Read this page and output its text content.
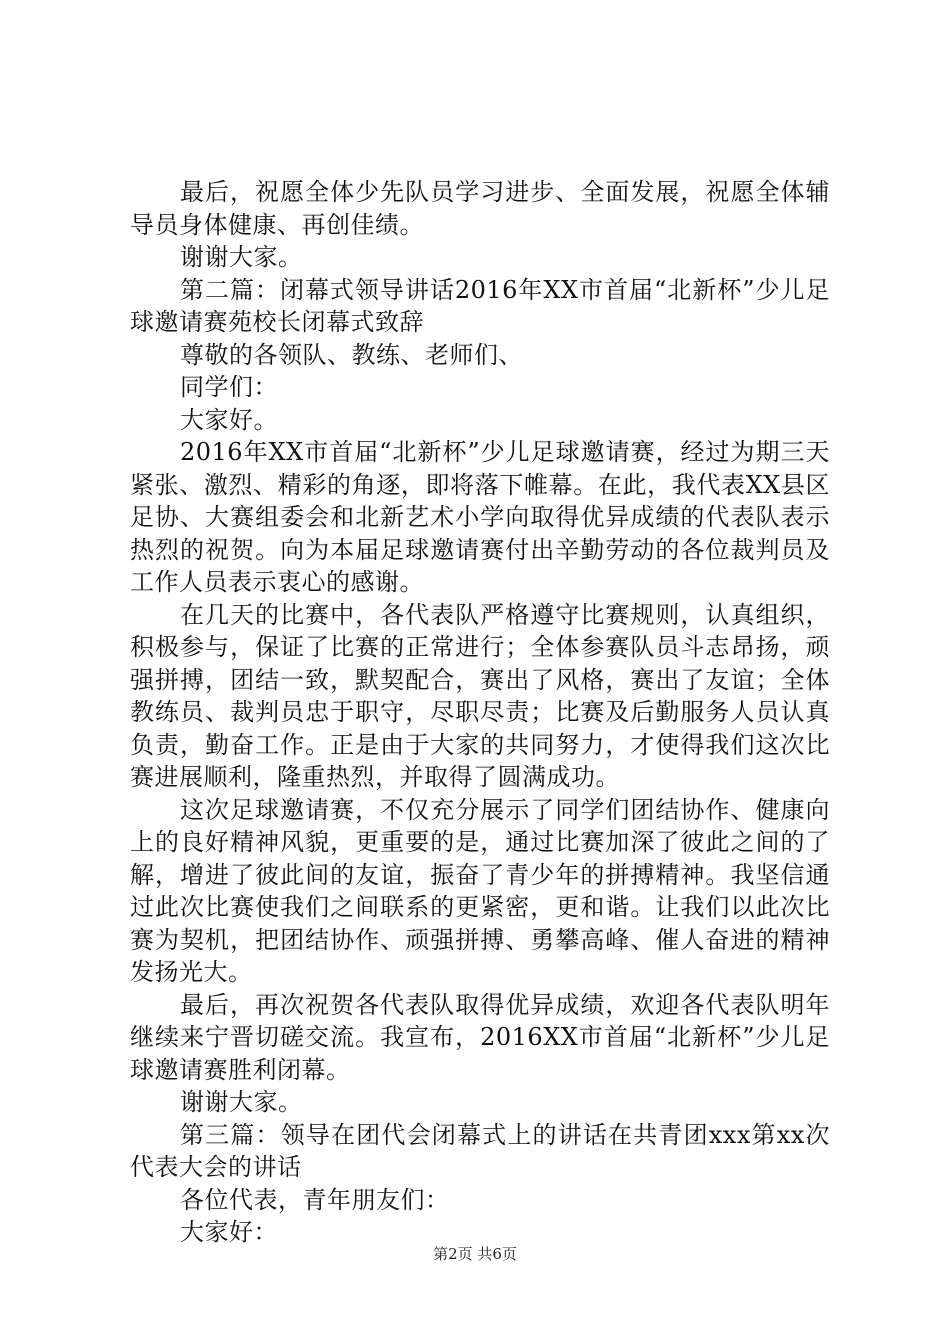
最后，祝愿全体少先队员学习进步、全面发展，祝愿全体辅导员身体健康、再创佳绩。

谢谢大家。

第二篇：闭幕式领导讲话2016年XX市首届“北新杯”少儿足球邀请赛苑校长闭幕式致辞

尊敬的各领队、教练、老师们、

同学们：

大家好。

2016年XX市首届“北新杯”少儿足球邀请赛，经过为期三天紧张、激烈、精彩的角逐，即将落下帷幕。在此，我代表XX县区足协、大赛组委会和北新艺术小学向取得优异成绩的代表队表示热烈的祝贺。向为本届足球邀请赛付出辛勤劳动的各位裁判员及工作人员表示衷心的感谢。

在几天的比赛中，各代表队严格遵守比赛规则，认真组织，积极参与，保证了比赛的正常进行；全体参赛队员斗志昂扬，顽强拼搏，团结一致，默契配合，赛出了风格，赛出了友谊；全体教练员、裁判员忠于职守，尽职尽责；比赛及后勤服务人员认真负责，勤奋工作。正是由于大家的共同努力，才使得我们这次比赛进展顺利，隆重热烈，并取得了圆满成功。

这次足球邀请赛，不仅充分展示了同学们团结协作、健康向上的良好精神风貌，更重要的是，通过比赛加深了彼此之间的了解，增进了彼此间的友谊，振奋了青少年的拼搏精神。我坚信通过此次比赛使我们之间联系的更紧密，更和谐。让我们以此次比赛为契机，把团结协作、顽强拼搏、勇攀高峰、催人奋进的精神发扬光大。

最后，再次祝贺各代表队取得优异成绩，欢迎各代表队明年继续来宁晋切磋交流。我宣布，2016XX市首届“北新杯”少儿足球邀请赛胜利闭幕。

谢谢大家。

第三篇：领导在团代会闭幕式上的讲话在共青团xxx第xx次代表大会的讲话

各位代表，青年朋友们：

大家好：

第2页 共6页
